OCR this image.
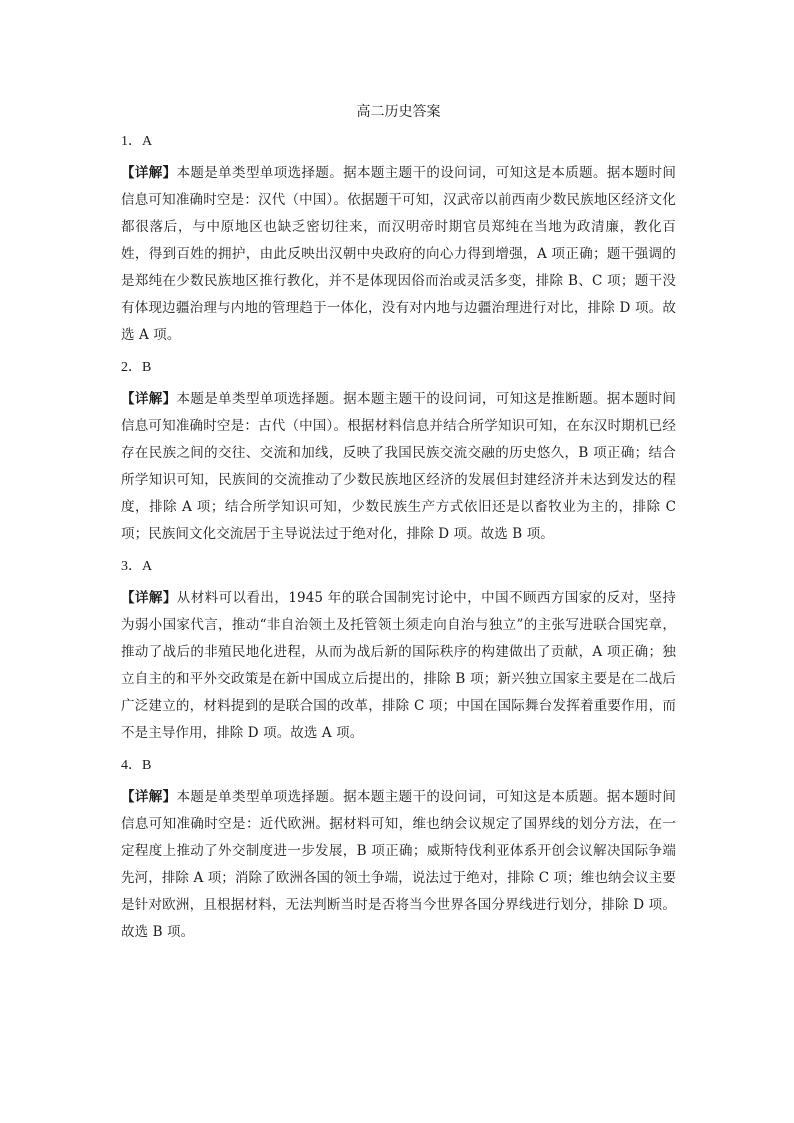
高二历史答案
1．A

【详解】本题是单类型单项选择题。据本题主题干的设问词，可知这是本质题。据本题时间信息可知准确时空是：汉代（中国）。依据题干可知，汉武帝以前西南少数民族地区经济文化都很落后，与中原地区也缺乏密切往来，而汉明帝时期官员郑纯在当地为政清廉，教化百姓，得到百姓的拥护，由此反映出汉朝中央政府的向心力得到增强，A 项正确；题干强调的是郑纯在少数民族地区推行教化，并不是体现因俗而治或灵活多变，排除 B、C 项；题干没有体现边疆治理与内地的管理趋于一体化，没有对内地与边疆治理进行对比，排除 D 项。故选 A 项。

2．B

【详解】本题是单类型单项选择题。据本题主题干的设问词，可知这是推断题。据本题时间信息可知准确时空是：古代（中国）。根据材料信息并结合所学知识可知，在东汉时期机已经存在民族之间的交往、交流和加线，反映了我国民族交流交融的历史悠久，B 项正确；结合所学知识可知，民族间的交流推动了少数民族地区经济的发展但封建经济并未达到发达的程度，排除 A 项；结合所学知识可知，少数民族生产方式依旧还是以畜牧业为主的，排除 C 项；民族间文化交流居于主导说法过于绝对化，排除 D 项。故选 B 项。

3．A

【详解】从材料可以看出，1945 年的联合国制宪讨论中，中国不顾西方国家的反对，坚持为弱小国家代言，推动“非自治领土及托管领土须走向自治与独立”的主张写进联合国宪章，推动了战后的非殖民地化进程，从而为战后新的国际秩序的构建做出了贡献，A 项正确；独立自主的和平外交政策是在新中国成立后提出的，排除 B 项；新兴独立国家主要是在二战后广泛建立的，材料提到的是联合国的改革，排除 C 项；中国在国际舞台发挥着重要作用，而不是主导作用，排除 D 项。故选 A 项。

4．B

【详解】本题是单类型单项选择题。据本题主题干的设问词，可知这是本质题。据本题时间信息可知准确时空是：近代欧洲。据材料可知，维也纳会议规定了国界线的划分方法，在一定程度上推动了外交制度进一步发展，B 项正确；威斯特伐利亚体系开创会议解决国际争端先河，排除 A 项；消除了欧洲各国的领土争端，说法过于绝对，排除 C 项；维也纳会议主要是针对欧洲，且根据材料，无法判断当时是否将当今世界各国分界线进行划分，排除 D 项。故选 B 项。
